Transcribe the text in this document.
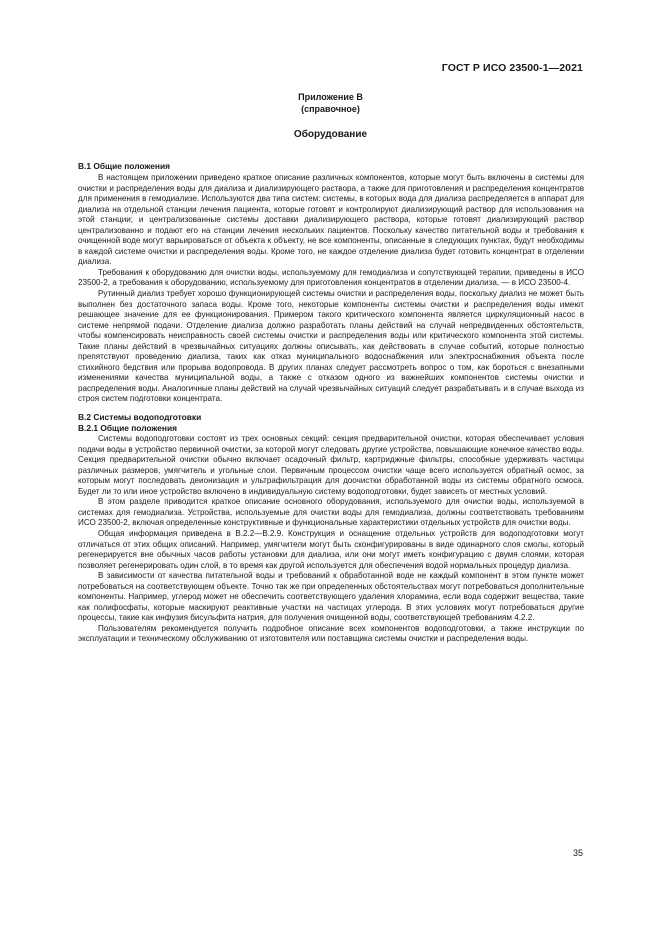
ГОСТ Р ИСО 23500-1—2021
Приложение В
(справочное)
Оборудование
В.1 Общие положения

В настоящем приложении приведено краткое описание различных компонентов, которые могут быть включены в системы для очистки и распределения воды для диализа и диализирующего раствора, а также для приготовления и распределения концентратов для применения в гемодиализе. Используются два типа систем: системы, в которых вода для диализа распределяется в аппарат для диализа на отдельной станции лечения пациента, которые готовят и контролируют диализирующий раствор для использования на этой станции; и централизованные системы доставки диализирующего раствора, которые готовят диализирующий раствор централизованно и подают его на станции лечения нескольких пациентов. Поскольку качество питательной воды и требования к очищенной воде могут варьироваться от объекта к объекту, не все компоненты, описанные в следующих пунктах, будут необходимы в каждой системе очистки и распределения воды. Кроме того, не каждое отделение диализа будет готовить концентрат в отделении диализа.

Требования к оборудованию для очистки воды, используемому для гемодиализа и сопутствующей терапии, приведены в ИСО 23500-2, а требования к оборудованию, используемому для приготовления концентратов в отделении диализа, — в ИСО 23500-4.

Рутинный диализ требует хорошо функционирующей системы очистки и распределения воды, поскольку диализ не может быть выполнен без достаточного запаса воды. Кроме того, некоторые компоненты системы очистки и распределения воды имеют решающее значение для ее функционирования. Примером такого критического компонента является циркуляционный насос в системе непрямой подачи. Отделение диализа должно разработать планы действий на случай непредвиденных обстоятельств, чтобы компенсировать неисправность своей системы очистки и распределения воды или критического компонента этой системы. Такие планы действий в чрезвычайных ситуациях должны описывать, как действовать в случае событий, которые полностью препятствуют проведению диализа, таких как отказ муниципального водоснабжения или электроснабжения объекта после стихийного бедствия или прорыва водопровода. В других планах следует рассмотреть вопрос о том, как бороться с внезапными изменениями качества муниципальной воды, а также с отказом одного из важнейших компонентов системы очистки и распределения воды. Аналогичные планы действий на случай чрезвычайных ситуаций следует разрабатывать и в случае выхода из строя систем подготовки концентрата.

В.2 Системы водоподготовки
В.2.1 Общие положения

Системы водоподготовки состоят из трех основных секций: секция предварительной очистки, которая обеспечивает условия подачи воды в устройство первичной очистки, за которой могут следовать другие устройства, повышающие конечное качество воды. Секция предварительной очистки обычно включает осадочный фильтр, картриджные фильтры, способные удерживать частицы различных размеров, умягчитель и угольные слои. Первичным процессом очистки чаще всего используется обратный осмос, за которым могут последовать деионизация и ультрафильтрация для доочистки обработанной воды из системы обратного осмоса. Будет ли то или иное устройство включено в индивидуальную систему водоподготовки, будет зависеть от местных условий.

В этом разделе приводится краткое описание основного оборудования, используемого для очистки воды, используемой в системах для гемодиализа. Устройства, используемые для очистки воды для гемодиализа, должны соответствовать требованиям ИСО 23500-2, включая определенные конструктивные и функциональные характеристики отдельных устройств для очистки воды.

Общая информация приведена в В.2.2—В.2.9. Конструкция и оснащение отдельных устройств для водоподготовки могут отличаться от этих общих описаний. Например, умягчители могут быть сконфигурированы в виде одинарного слоя смолы, который регенерируется вне обычных часов работы установки для диализа, или они могут иметь конфигурацию с двумя слоями, которая позволяет регенерировать один слой, в то время как другой используется для обеспечения водой нормальных процедур диализа.

В зависимости от качества питательной воды и требований к обработанной воде не каждый компонент в этом пункте может потребоваться на соответствующем объекте. Точно так же при определенных обстоятельствах могут потребоваться дополнительные компоненты. Например, углерод может не обеспечить соответствующего удаления хлорамина, если вода содержит вещества, такие как полифосфаты, которые маскируют реактивные участки на частицах углерода. В этих условиях могут потребоваться другие процессы, такие как инфузия бисульфита натрия, для получения очищенной воды, соответствующей требованиям 4.2.2.

Пользователям рекомендуется получить подробное описание всех компонентов водоподготовки, а также инструкции по эксплуатации и техническому обслуживанию от изготовителя или поставщика системы очистки и распределения воды.

35
